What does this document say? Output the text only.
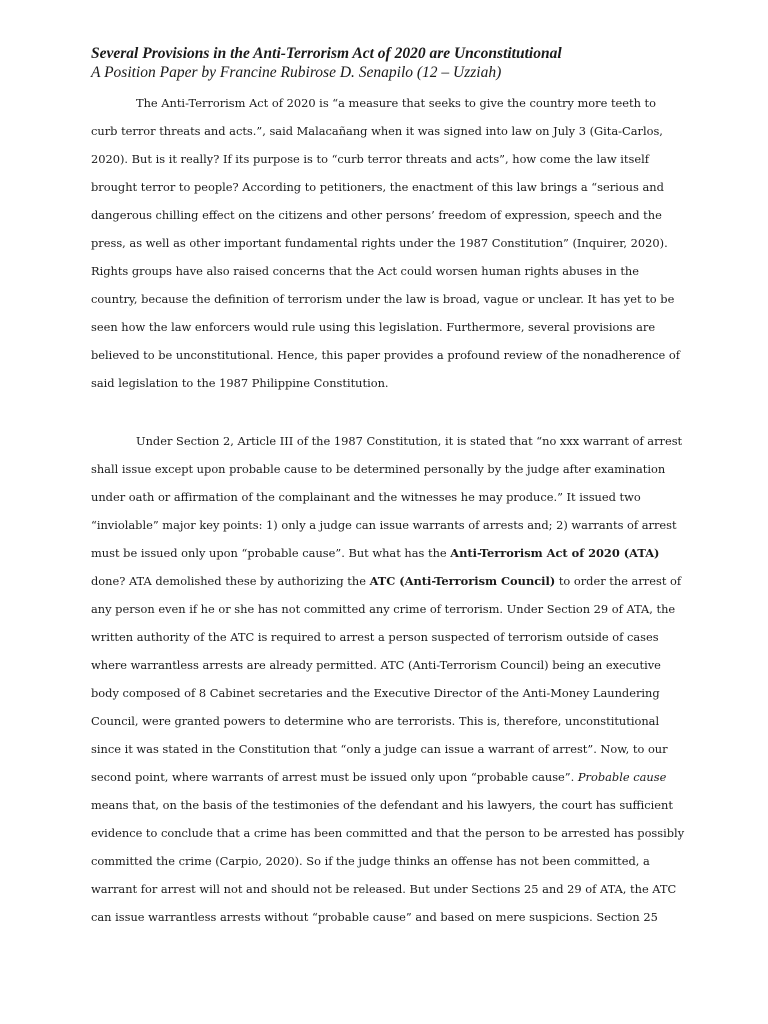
Several Provisions in the Anti-Terrorism Act of 2020 are Unconstitutional
A Position Paper by Francine Rubirose D. Senapilo (12 – Uzziah)
The Anti-Terrorism Act of 2020 is “a measure that seeks to give the country more teeth to
curb terror threats and acts.”, said Malacañang when it was signed into law on July 3 (Gita-Carlos,
2020). But is it really? If its purpose is to “curb terror threats and acts”, how come the law itself
brought terror to people? According to petitioners, the enactment of this law brings a “serious and
dangerous chilling effect on the citizens and other persons’ freedom of expression, speech and the
press, as well as other important fundamental rights under the 1987 Constitution” (Inquirer, 2020).
Rights groups have also raised concerns that the Act could worsen human rights abuses in the
country, because the definition of terrorism under the law is broad, vague or unclear. It has yet to be
seen how the law enforcers would rule using this legislation. Furthermore, several provisions are
believed to be unconstitutional. Hence, this paper provides a profound review of the nonadherence of
said legislation to the 1987 Philippine Constitution.
Under Section 2, Article III of the 1987 Constitution, it is stated that “no xxx warrant of arrest
shall issue except upon probable cause to be determined personally by the judge after examination
under oath or affirmation of the complainant and the witnesses he may produce.” It issued two
“inviolable” major key points: 1) only a judge can issue warrants of arrests and; 2) warrants of arrest
must be issued only upon “probable cause”. But what has the Anti-Terrorism Act of 2020 (ATA)
done? ATA demolished these by authorizing the ATC (Anti-Terrorism Council) to order the arrest of
any person even if he or she has not committed any crime of terrorism. Under Section 29 of ATA, the
written authority of the ATC is required to arrest a person suspected of terrorism outside of cases
where warrantless arrests are already permitted. ATC (Anti-Terrorism Council) being an executive
body composed of 8 Cabinet secretaries and the Executive Director of the Anti-Money Laundering
Council, were granted powers to determine who are terrorists. This is, therefore, unconstitutional
since it was stated in the Constitution that “only a judge can issue a warrant of arrest”. Now, to our
second point, where warrants of arrest must be issued only upon “probable cause”. Probable cause
means that, on the basis of the testimonies of the defendant and his lawyers, the court has sufficient
evidence to conclude that a crime has been committed and that the person to be arrested has possibly
committed the crime (Carpio, 2020). So if the judge thinks an offense has not been committed, a
warrant for arrest will not and should not be released. But under Sections 25 and 29 of ATA, the ATC
can issue warrantless arrests without “probable cause” and based on mere suspicions. Section 25
